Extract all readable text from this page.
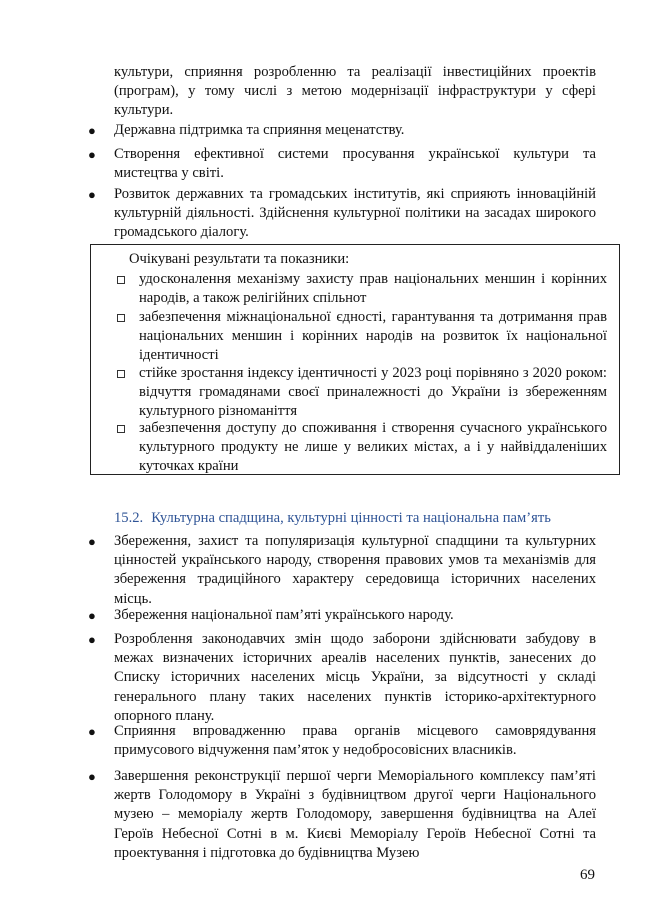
культури, сприяння розробленню та реалізації інвестиційних проектів (програм), у тому числі з метою модернізації інфраструктури у сфері культури.
● Державна підтримка та сприяння меценатству.
● Створення ефективної системи просування української культури та мистецтва у світі.
● Розвиток державних та громадських інститутів, які сприяють інноваційній культурній діяльності. Здійснення культурної політики на засадах широкого громадського діалогу.
Очікувані результати та показники:
удосконалення механізму захисту прав національних меншин і корінних народів, а також релігійних спільнот
забезпечення міжнаціональної єдності, гарантування та дотримання прав національних меншин і корінних народів на розвиток їх національної ідентичності
стійке зростання індексу ідентичності у 2023 році порівняно з 2020 роком: відчуття громадянами своєї приналежності до України із збереженням культурного різноманіття
забезпечення доступу до споживання і створення сучасного українського культурного продукту не лише у великих містах, а і у найвіддаленіших куточках країни
15.2. Культурна спадщина, культурні цінності та національна пам’ять
● Збереження, захист та популяризація культурної спадщини та культурних цінностей українського народу, створення правових умов та механізмів для збереження традиційного характеру середовища історичних населених місць.
● Збереження національної пам’яті українського народу.
● Розроблення законодавчих змін щодо заборони здійснювати забудову в межах визначених історичних ареалів населених пунктів, занесених до Списку історичних населених місць України, за відсутності у складі генерального плану таких населених пунктів історико-архітектурного опорного плану.
● Сприяння впровадженню права органів місцевого самоврядування примусового відчуження пам’яток у недобросовісних власників.
● Завершення реконструкції першої черги Меморіального комплексу пам’яті жертв Голодомору в Україні з будівництвом другої черги Національного музею – меморіалу жертв Голодомору, завершення будівництва на Алеї Героїв Небесної Сотні в м. Києві Меморіалу Героїв Небесної Сотні та проектування і підготовка до будівництва Музею
69
